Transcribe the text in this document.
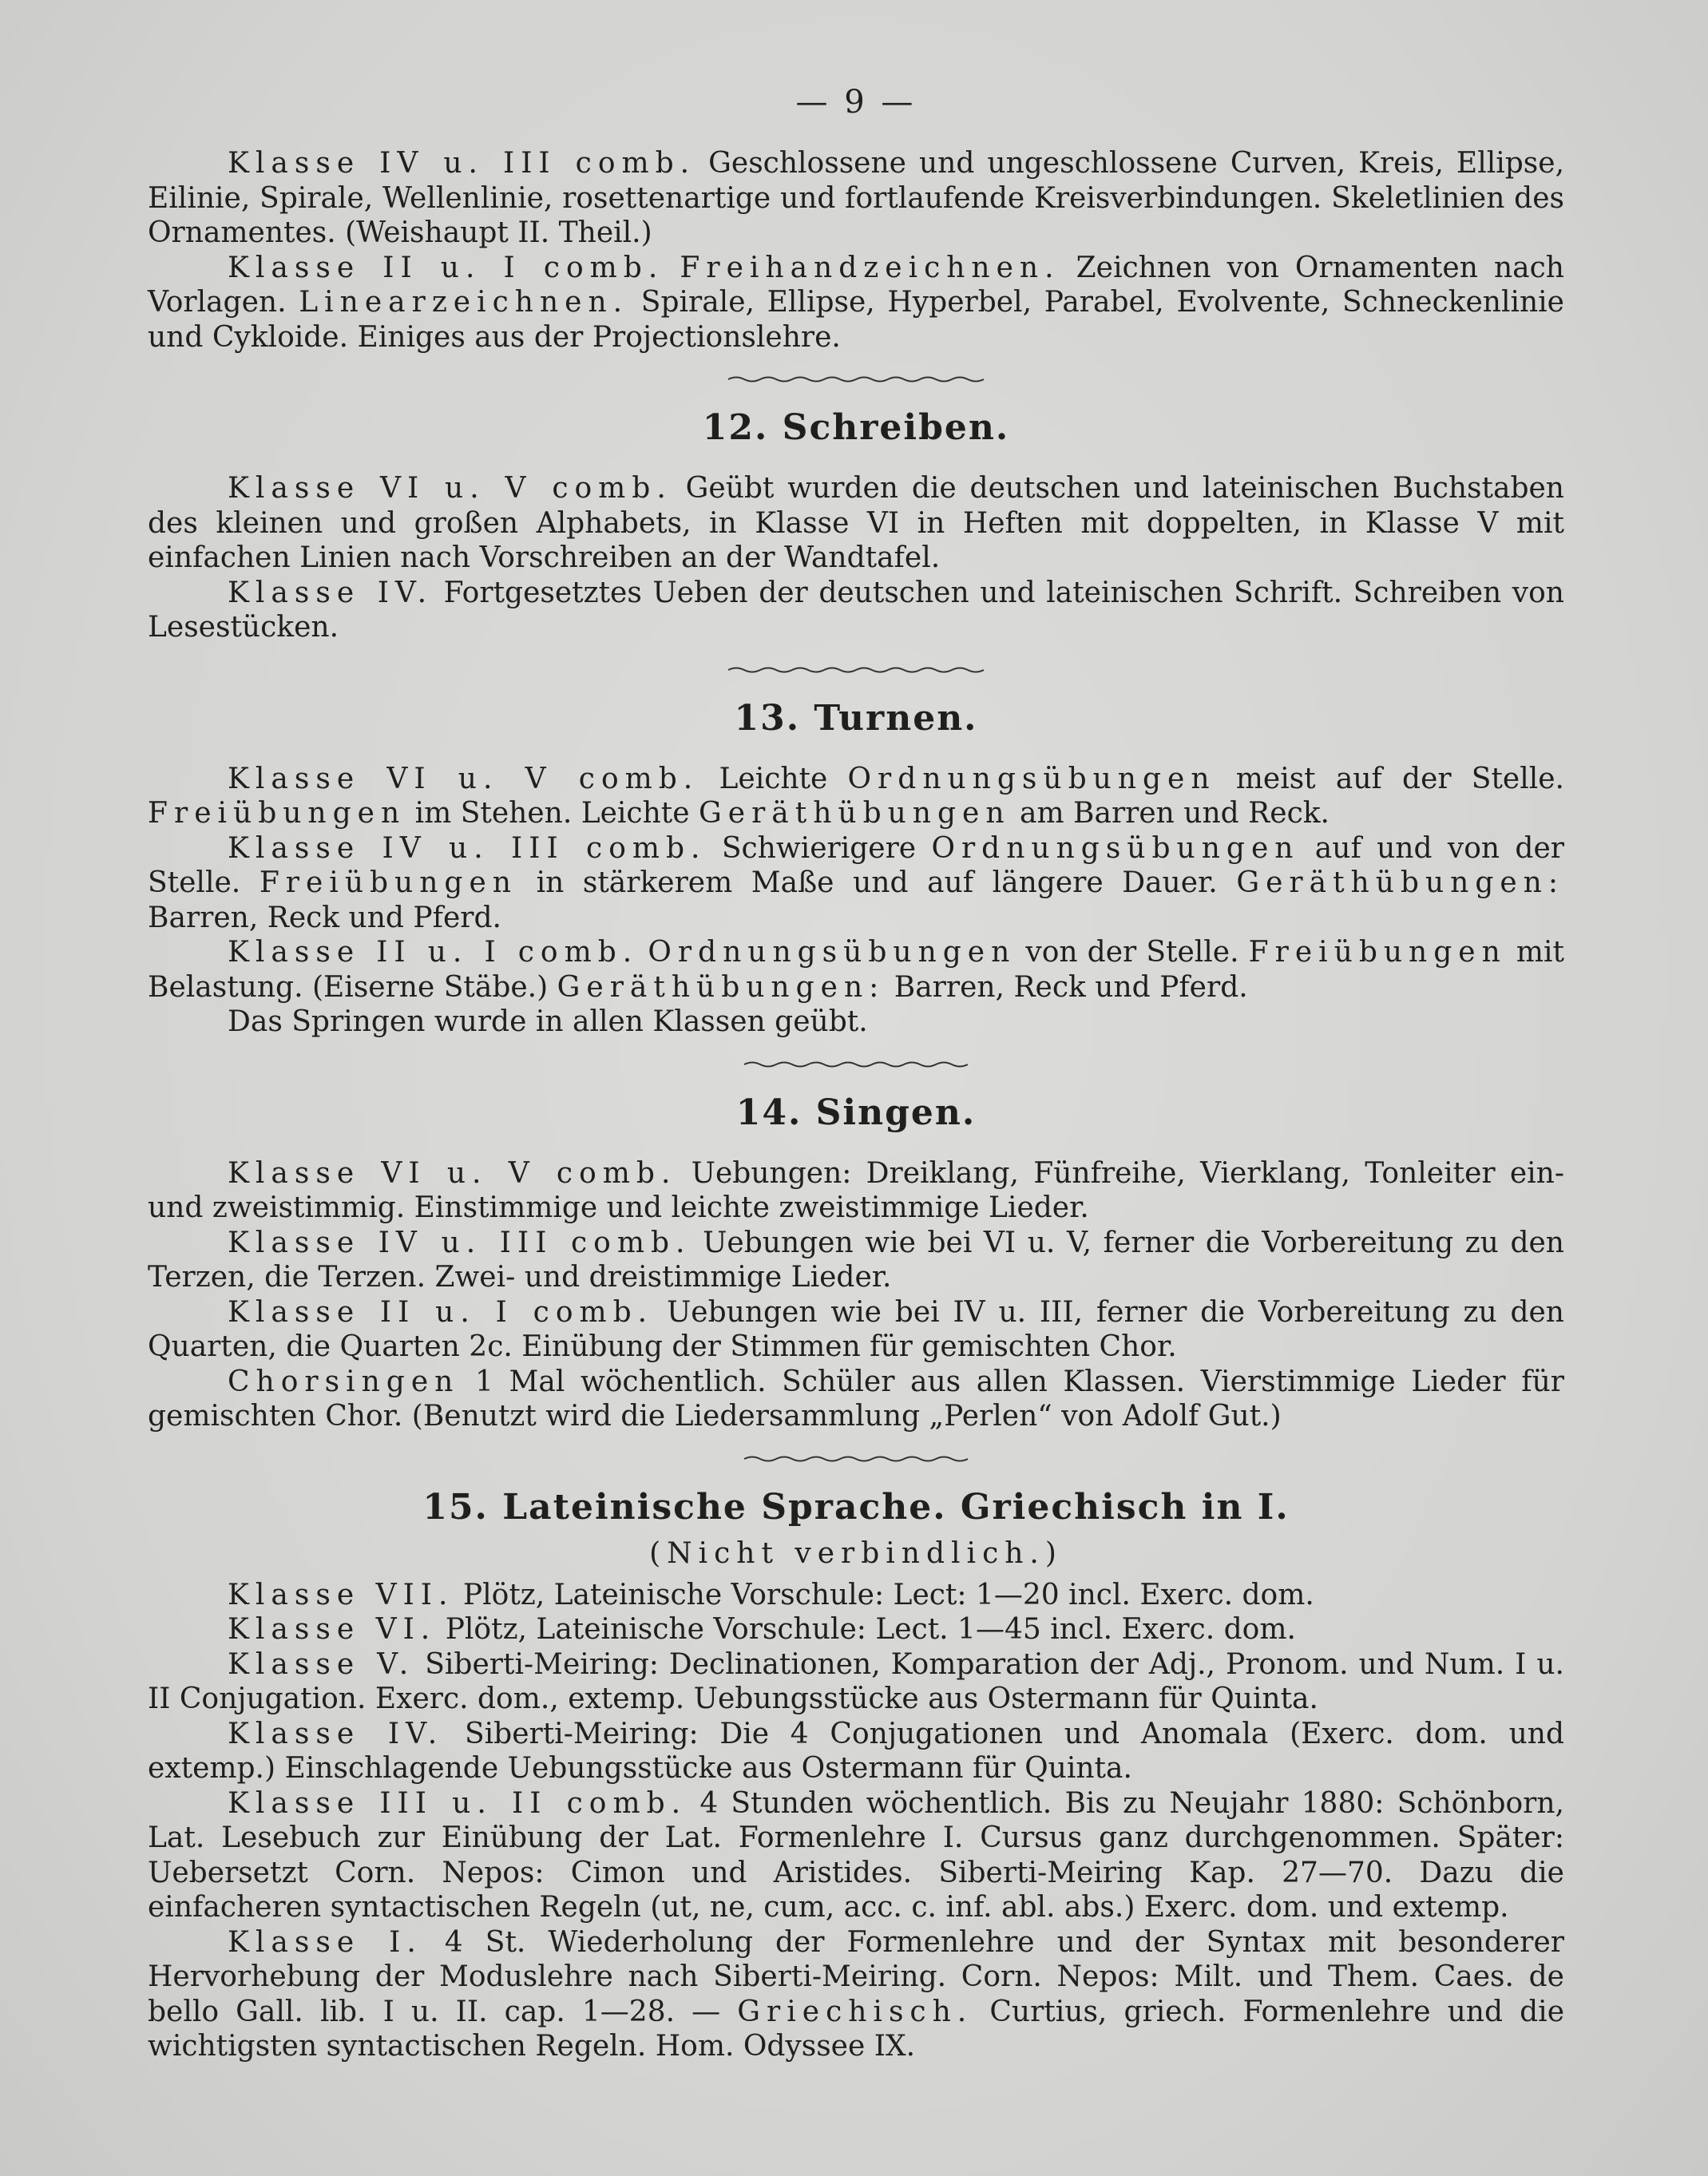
— 9 —

Klasse IV u. III comb. Geschlossene und ungeschlossene Curven, Kreis, Ellipse, Eilinie, Spirale, Wellenlinie, rosettenartige und fortlaufende Kreisverbindungen. Skeletlinien des Ornamentes. (Weishaupt II. Theil.)

Klasse II u. I comb. Freihandzeichnen. Zeichnen von Ornamenten nach Vorlagen. Linearzeichnen. Spirale, Ellipse, Hyperbel, Parabel, Evolvente, Schneckenlinie und Cykloide. Einiges aus der Projectionslehre.

12. Schreiben.

Klasse VI u. V comb. Geübt wurden die deutschen und lateinischen Buchstaben des kleinen und großen Alphabets, in Klasse VI in Heften mit doppelten, in Klasse V mit einfachen Linien nach Vorschreiben an der Wandtafel.

Klasse IV. Fortgesetztes Ueben der deutschen und lateinischen Schrift. Schreiben von Lesestücken.

13. Turnen.

Klasse VI u. V comb. Leichte Ordnungsübungen meist auf der Stelle. Freiübungen im Stehen. Leichte Geräthübungen am Barren und Reck.

Klasse IV u. III comb. Schwierigere Ordnungsübungen auf und von der Stelle. Freiübungen in stärkerem Maße und auf längere Dauer. Geräthübungen: Barren, Reck und Pferd.

Klasse II u. I comb. Ordnungsübungen von der Stelle. Freiübungen mit Belastung. (Eiserne Stäbe.) Geräthübungen: Barren, Reck und Pferd.

Das Springen wurde in allen Klassen geübt.

14. Singen.

Klasse VI u. V comb. Uebungen: Dreiklang, Fünfreihe, Vierklang, Tonleiter ein- und zweistimmig. Einstimmige und leichte zweistimmige Lieder.

Klasse IV u. III comb. Uebungen wie bei VI u. V, ferner die Vorbereitung zu den Terzen, die Terzen. Zwei- und dreistimmige Lieder.

Klasse II u. I comb. Uebungen wie bei IV u. III, ferner die Vorbereitung zu den Quarten, die Quarten 2c. Einübung der Stimmen für gemischten Chor.

Chorsingen 1 Mal wöchentlich. Schüler aus allen Klassen. Vierstimmige Lieder für gemischten Chor. (Benutzt wird die Liedersammlung „Perlen“ von Adolf Gut.)

15. Lateinische Sprache. Griechisch in I.
(Nicht verbindlich.)

Klasse VII. Plötz, Lateinische Vorschule: Lect: 1—20 incl. Exerc. dom.

Klasse VI. Plötz, Lateinische Vorschule: Lect. 1—45 incl. Exerc. dom.

Klasse V. Siberti-Meiring: Declinationen, Komparation der Adj., Pronom. und Num. I u. II Conjugation. Exerc. dom., extemp. Uebungsstücke aus Ostermann für Quinta.

Klasse IV. Siberti-Meiring: Die 4 Conjugationen und Anomala (Exerc. dom. und extemp.) Einschlagende Uebungsstücke aus Ostermann für Quinta.

Klasse III u. II comb. 4 Stunden wöchentlich. Bis zu Neujahr 1880: Schönborn, Lat. Lesebuch zur Einübung der Lat. Formenlehre I. Cursus ganz durchgenommen. Später: Uebersetzt Corn. Nepos: Cimon und Aristides. Siberti-Meiring Kap. 27—70. Dazu die einfacheren syntactischen Regeln (ut, ne, cum, acc. c. inf. abl. abs.) Exerc. dom. und extemp.

Klasse I. 4 St. Wiederholung der Formenlehre und der Syntax mit besonderer Hervorhebung der Moduslehre nach Siberti-Meiring. Corn. Nepos: Milt. und Them. Caes. de bello Gall. lib. I u. II. cap. 1—28. — Griechisch. Curtius, griech. Formenlehre und die wichtigsten syntactischen Regeln. Hom. Odyssee IX.
